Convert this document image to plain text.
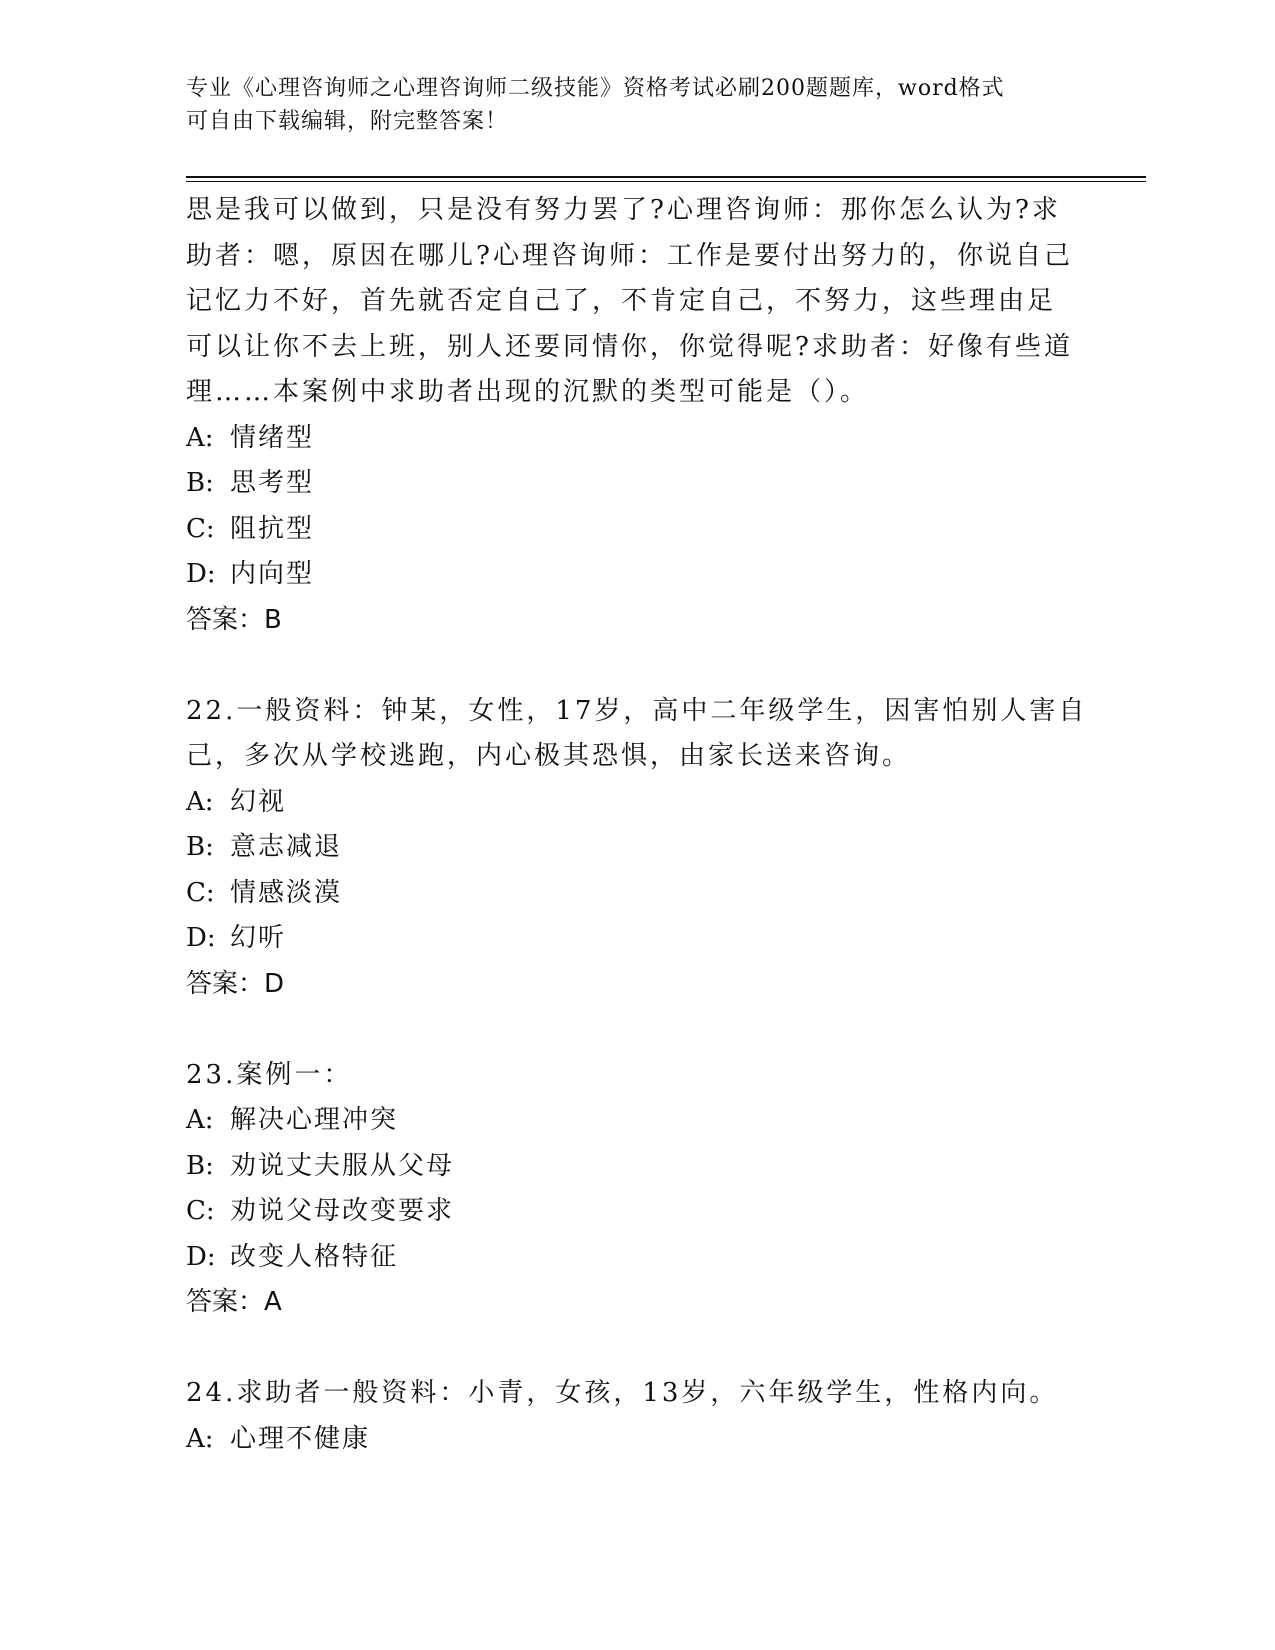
专业《心理咨询师之心理咨询师二级技能》资格考试必刷200题题库，word格式
可自由下载编辑，附完整答案！
思是我可以做到，只是没有努力罢了?心理咨询师：那你怎么认为?求
助者：嗯，原因在哪儿?心理咨询师：工作是要付出努力的，你说自己
记忆力不好，首先就否定自己了，不肯定自己，不努力，这些理由足
可以让你不去上班，别人还要同情你，你觉得呢?求助者：好像有些道
理……本案例中求助者出现的沉默的类型可能是（）。
A: 情绪型
B: 思考型
C: 阻抗型
D: 内向型
答案：B
22.一般资料：钟某，女性，17岁，高中二年级学生，因害怕别人害自
己，多次从学校逃跑，内心极其恐惧，由家长送来咨询。
A: 幻视
B: 意志减退
C: 情感淡漠
D: 幻听
答案：D
23.案例一：
A: 解决心理冲突
B: 劝说丈夫服从父母
C: 劝说父母改变要求
D: 改变人格特征
答案：A
24.求助者一般资料：小青，女孩，13岁，六年级学生，性格内向。
A: 心理不健康
